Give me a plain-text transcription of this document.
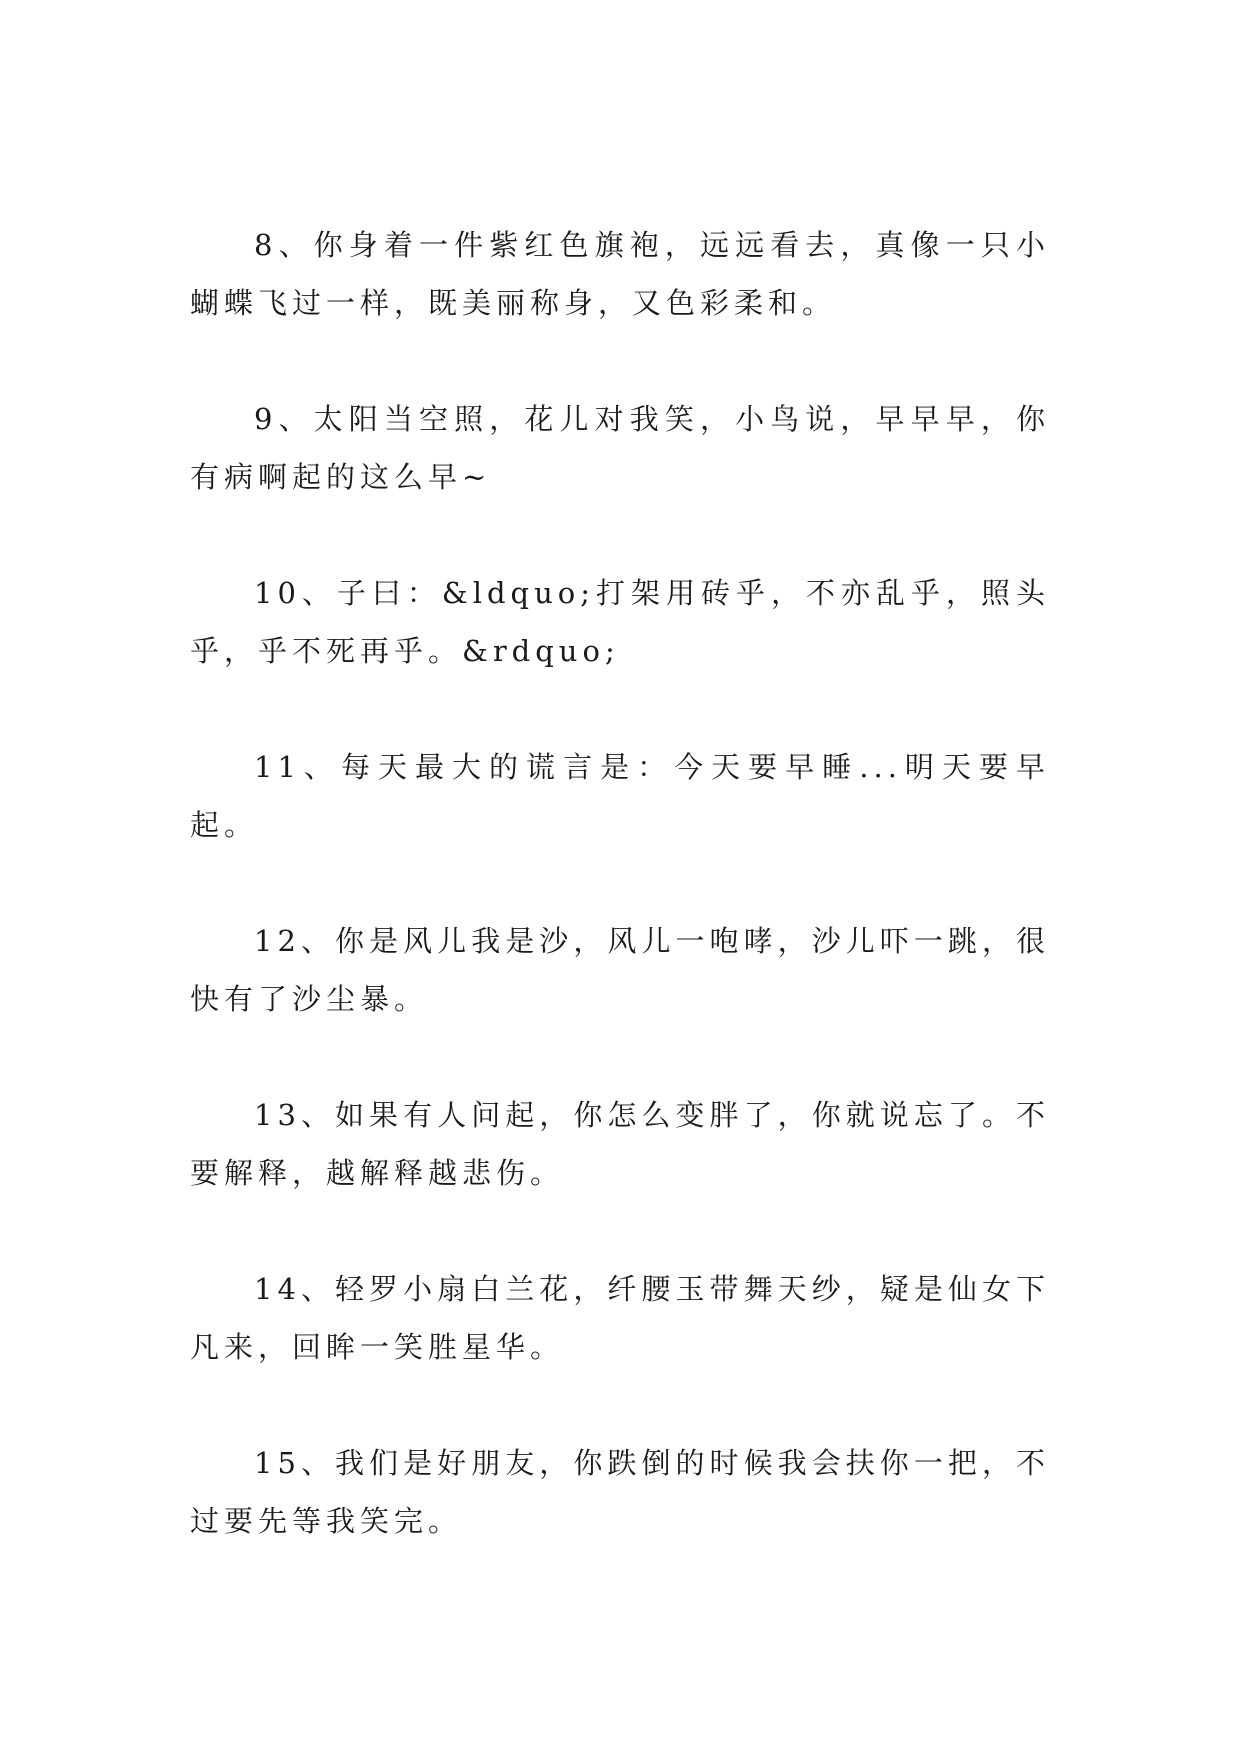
8、你身着一件紫红色旗袍，远远看去，真像一只小蝴蝶飞过一样，既美丽称身，又色彩柔和。

9、太阳当空照，花儿对我笑，小鸟说，早早早，你有病啊起的这么早~

10、子曰：&ldquo;打架用砖乎，不亦乱乎，照头乎，乎不死再乎。&rdquo;

11、每天最大的谎言是：今天要早睡...明天要早起。

12、你是风儿我是沙，风儿一咆哮，沙儿吓一跳，很快有了沙尘暴。

13、如果有人问起，你怎么变胖了，你就说忘了。不要解释，越解释越悲伤。

14、轻罗小扇白兰花，纤腰玉带舞天纱，疑是仙女下凡来，回眸一笑胜星华。

15、我们是好朋友，你跌倒的时候我会扶你一把，不过要先等我笑完。
